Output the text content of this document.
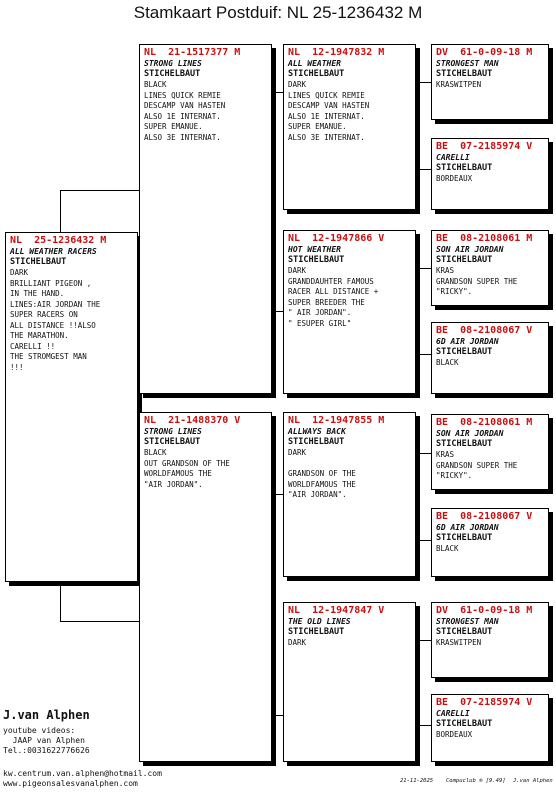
Stamkaart Postduif: NL 25-1236432 M
NL  25-1236432 M
ALL WEATHER RACERS
STICHELBAUT
DARK
BRILLIANT PIGEON ,
IN THE HAND.
LINES:AIR JORDAN THE
SUPER RACERS ON
ALL DISTANCE !!ALSO
THE MARATHON.
CARELLI !!
THE STROMGEST MAN
!!!
NL  21-1517377 M
STRONG LINES
STICHELBAUT
BLACK
LINES QUICK REMIE
DESCAMP VAN HASTEN
ALSO 1E INTERNAT.
SUPER EMANUE.
ALSO 3E INTERNAT.
NL  21-1488370 V
STRONG LINES
STICHELBAUT
BLACK
OUT GRANDSON OF THE
WORLDFAMOUS THE
"AIR JORDAN".
NL  12-1947832 M
ALL WEATHER
STICHELBAUT
DARK
LINES QUICK REMIE
DESCAMP VAN HASTEN
ALSO 1E INTERNAT.
SUPER EMANUE.
ALSO 3E INTERNAT.
NL  12-1947866 V
HOT WEATHER
STICHELBAUT
DARK
GRANDDAUHTER FAMOUS
RACER ALL DISTANCE +
SUPER BREEDER THE
" AIR JORDAN".
" ESUPER GIRL"
NL  12-1947855 M
ALLWAYS BACK
STICHELBAUT
DARK

GRANDSON OF THE
WORLDFAMOUS THE
"AIR JORDAN".
NL  12-1947847 V
THE OLD LINES
STICHELBAUT
DARK
DV  61-0-09-18 M
STRONGEST MAN
STICHELBAUT
KRASWITPEN
BE  07-2185974 V
CARELLI
STICHELBAUT
BORDEAUX
BE  08-2108061 M
SON AIR JORDAN
STICHELBAUT
KRAS
GRANDSON SUPER THE
"RICKY".
BE  08-2108067 V
6D AIR JORDAN
STICHELBAUT
BLACK
BE  08-2108061 M
SON AIR JORDAN
STICHELBAUT
KRAS
GRANDSON SUPER THE
"RICKY".
BE  08-2108067 V
6D AIR JORDAN
STICHELBAUT
BLACK
DV  61-0-09-18 M
STRONGEST MAN
STICHELBAUT
KRASWITPEN
BE  07-2185974 V
CARELLI
STICHELBAUT
BORDEAUX
J.van Alphen
youtube videos:
JAAP van Alphen
Tel.:0031622776626
kw.centrum.van.alphen@hotmail.com
www.pigeonsalesvanalphen.com	21-11-2025 Compuclub ® [9.49] J.van Alphen
